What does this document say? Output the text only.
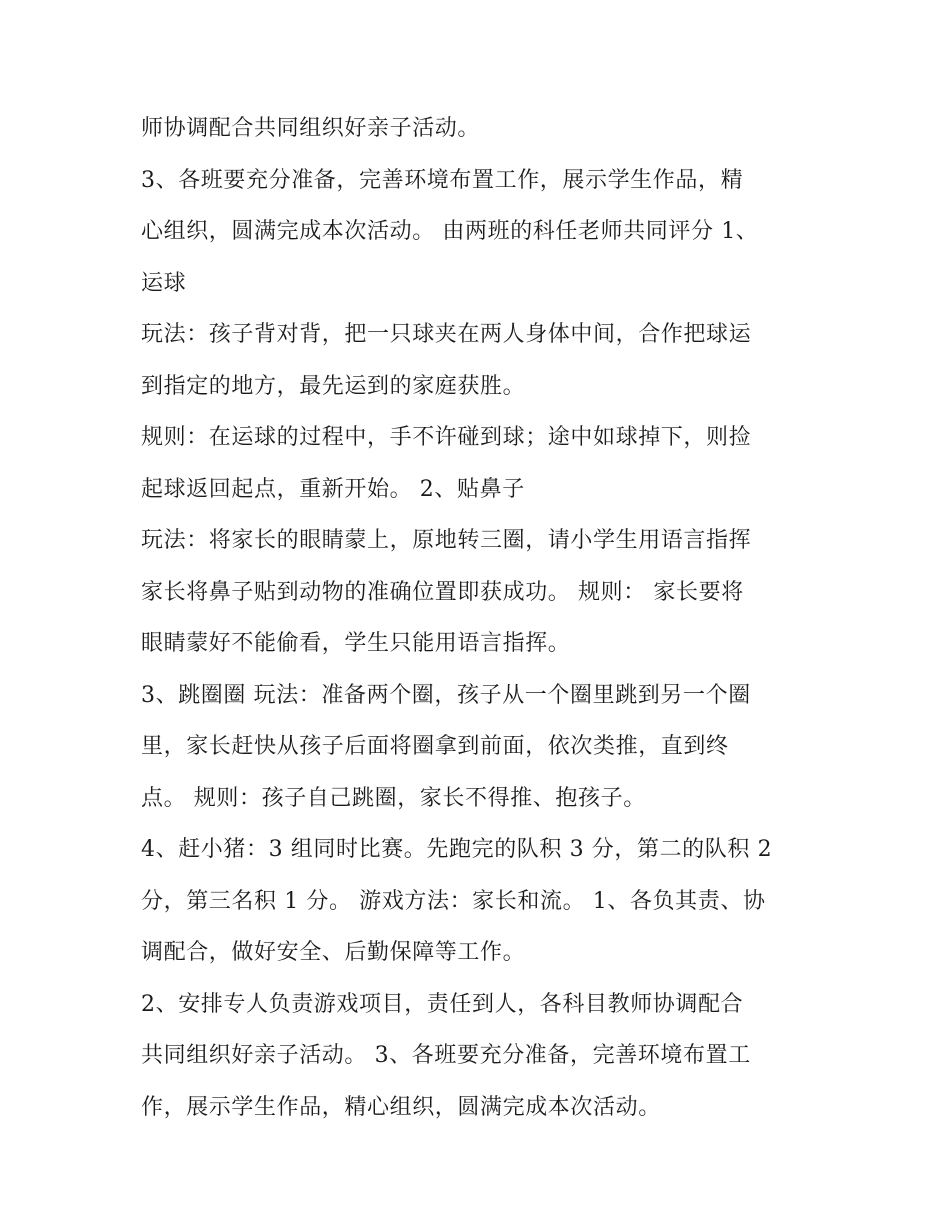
师协调配合共同组织好亲子活动。

3、各班要充分准备，完善环境布置工作，展示学生作品，精

心组织，圆满完成本次活动。 由两班的科任老师共同评分 1、

运球

玩法：孩子背对背，把一只球夹在两人身体中间，合作把球运

到指定的地方，最先运到的家庭获胜。

规则：在运球的过程中，手不许碰到球；途中如球掉下，则捡

起球返回起点，重新开始。 2、贴鼻子

玩法：将家长的眼睛蒙上，原地转三圈，请小学生用语言指挥

家长将鼻子贴到动物的准确位置即获成功。 规则： 家长要将

眼睛蒙好不能偷看，学生只能用语言指挥。

3、跳圈圈 玩法：准备两个圈，孩子从一个圈里跳到另一个圈

里，家长赶快从孩子后面将圈拿到前面，依次类推，直到终

点。 规则：孩子自己跳圈，家长不得推、抱孩子。

4、赶小猪：3 组同时比赛。先跑完的队积 3 分，第二的队积 2

分，第三名积 1 分。 游戏方法：家长和流。 1、各负其责、协

调配合，做好安全、后勤保障等工作。

2、安排专人负责游戏项目，责任到人，各科目教师协调配合

共同组织好亲子活动。 3、各班要充分准备，完善环境布置工

作，展示学生作品，精心组织，圆满完成本次活动。
